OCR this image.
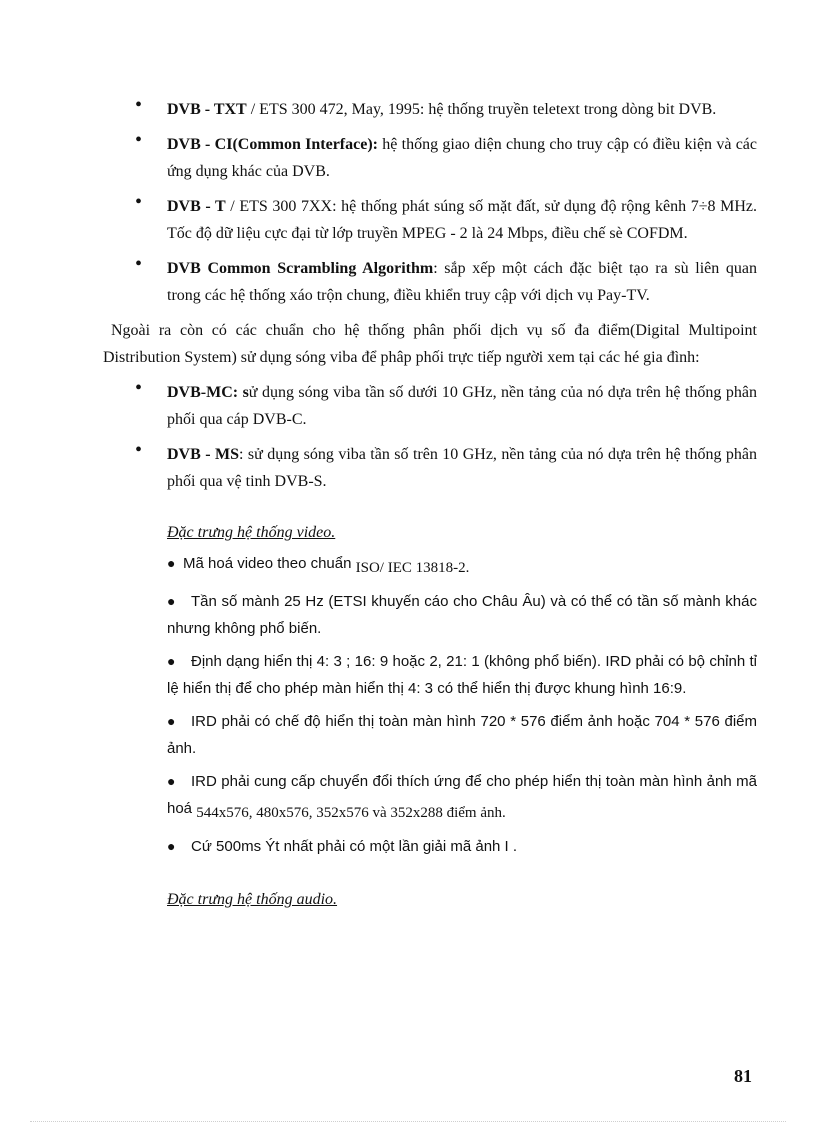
• DVB - TXT / ETS 300 472, May, 1995: hệ thống truyền teletext trong dòng bit DVB.
• DVB - CI(Common Interface): hệ thống giao diện chung cho truy cập có điều kiện và các ứng dụng khác của DVB.
• DVB - T / ETS 300 7XX: hệ thống phát súng số mặt đất, sử dụng độ rộng kênh 7÷8 MHz. Tốc độ dữ liệu cực đại từ lớp truyền MPEG - 2 là 24 Mbps, điều chế sè COFDM.
• DVB Common Scrambling Algorithm: sắp xếp một cách đặc biệt tạo ra sù liên quan trong các hệ thống xáo trộn chung, điều khiển truy cập với dịch vụ Pay-TV.
Ngoài ra còn có các chuẩn cho hệ thống phân phối dịch vụ số đa điểm(Digital Multipoint Distribution System) sử dụng sóng viba để phâp phối trực tiếp người xem tại các hé gia đình:
• DVB-MC: sử dụng sóng viba tần số dưới 10 GHz, nền tảng của nó dựa trên hệ thống phân phối qua cáp DVB-C.
• DVB - MS: sử dụng sóng viba tần số trên 10 GHz, nền tảng của nó dựa trên hệ thống phân phối qua vệ tinh DVB-S.
Đặc trưng hệ thống video.
● Mã hoá video theo chuẩn ISO/ IEC 13818-2.
●	Tần số mành 25 Hz (ETSI khuyến cáo cho Châu Âu) và có thể có tần số mành khác nhưng không phổ biến.
●	Định dạng hiển thị 4: 3 ; 16: 9 hoặc 2, 21: 1 (không phổ biến). IRD phải có bộ chỉnh tỉ lệ hiển thị để cho phép màn hiển thị 4: 3 có thể hiển thị được khung hình 16:9.
●	IRD phải có chế độ hiển thị toàn màn hình 720 * 576 điểm ảnh hoặc 704 * 576 điểm ảnh.
●	IRD phải cung cấp chuyển đổi thích ứng để cho phép hiển thị toàn màn hình ảnh mã hoá 544x576, 480x576, 352x576 và 352x288 điểm ảnh.
●	Cứ 500ms Ýt nhất phải có một lần giải mã ảnh I .
Đặc trưng hệ thống audio.
81
